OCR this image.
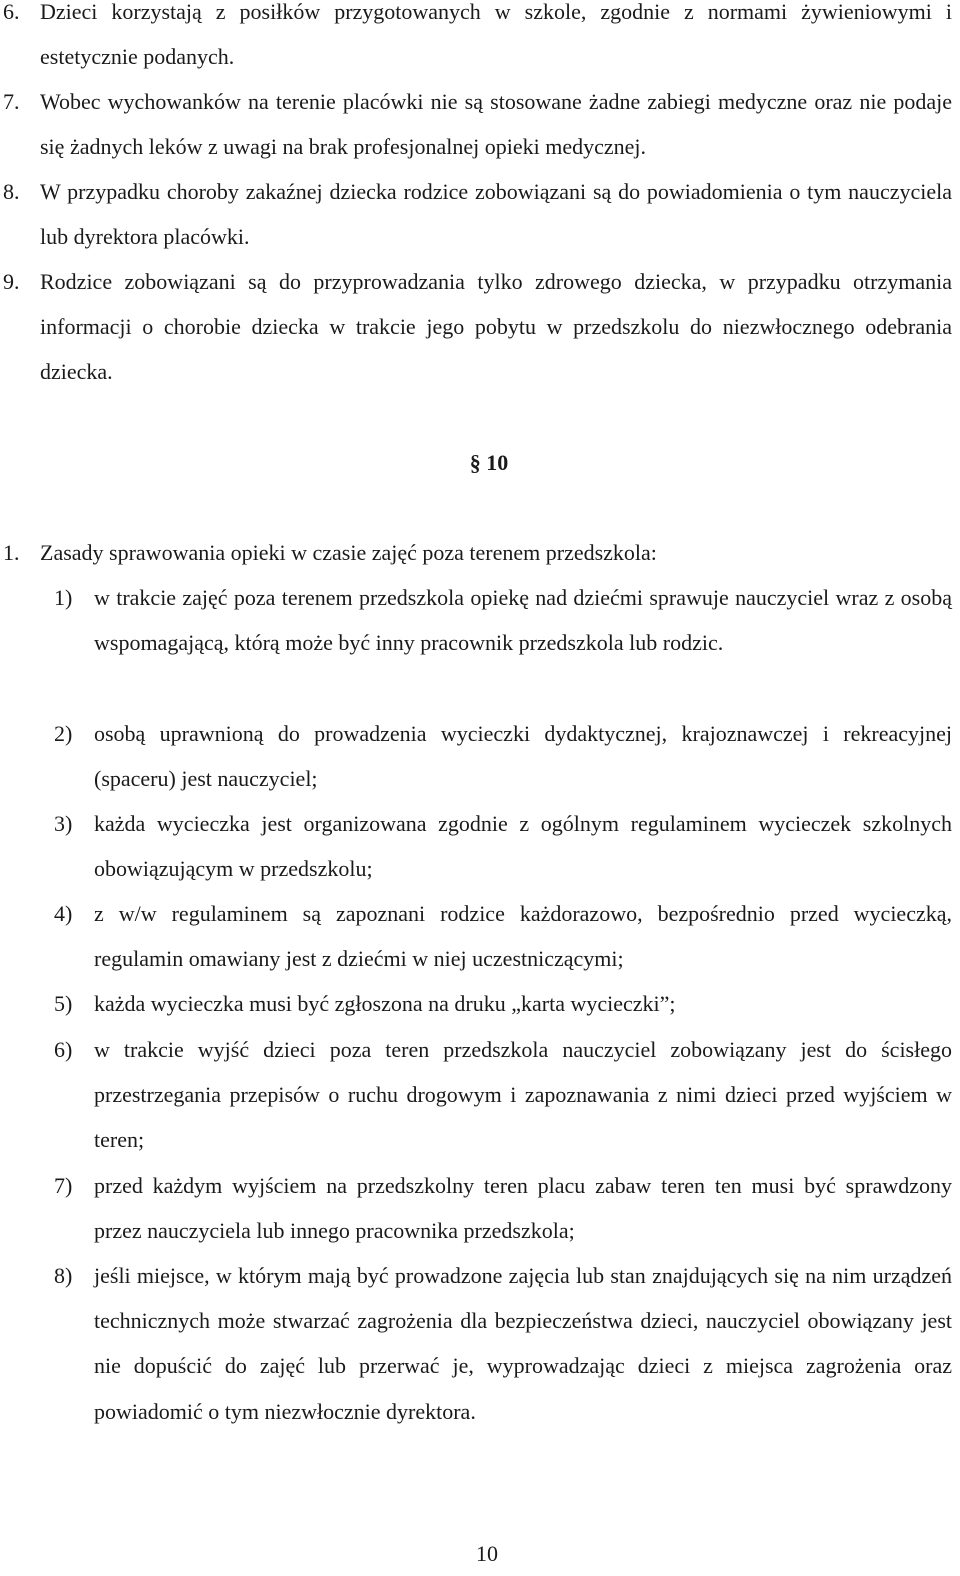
6. Dzieci korzystają z posiłków przygotowanych w szkole, zgodnie z normami żywieniowymi i estetycznie podanych.
7. Wobec wychowanków na terenie placówki nie są stosowane żadne zabiegi medyczne oraz nie podaje się żadnych leków z uwagi na brak profesjonalnej opieki medycznej.
8. W przypadku choroby zakaźnej dziecka rodzice zobowiązani są do powiadomienia o tym nauczyciela lub dyrektora placówki.
9. Rodzice zobowiązani są do przyprowadzania tylko zdrowego dziecka, w przypadku otrzymania informacji o chorobie dziecka w trakcie jego pobytu w przedszkolu do niezwłocznego odebrania dziecka.
§ 10
1. Zasady sprawowania opieki w czasie zajęć poza terenem przedszkola:
1) w trakcie zajęć poza terenem przedszkola opiekę nad dziećmi sprawuje nauczyciel wraz z osobą wspomagającą, którą może być inny pracownik przedszkola lub rodzic.
2) osobą uprawnioną do prowadzenia wycieczki dydaktycznej, krajoznawczej i rekreacyjnej (spaceru) jest nauczyciel;
3) każda wycieczka jest organizowana zgodnie z ogólnym regulaminem wycieczek szkolnych obowiązującym w przedszkolu;
4) z w/w regulaminem są zapoznani rodzice każdorazowo, bezpośrednio przed wycieczką, regulamin omawiany jest z dziećmi w niej uczestniczącymi;
5) każda wycieczka musi być zgłoszona na druku „karta wycieczki”;
6) w trakcie wyjść dzieci poza teren przedszkola nauczyciel zobowiązany jest do ścisłego przestrzegania przepisów o ruchu drogowym i zapoznawania z nimi dzieci przed wyjściem w teren;
7) przed każdym wyjściem na przedszkolny teren placu zabaw teren ten musi być sprawdzony przez nauczyciela lub innego pracownika przedszkola;
8) jeśli miejsce, w którym mają być prowadzone zajęcia lub stan znajdujących się na nim urządzeń technicznych może stwarzać zagrożenia dla bezpieczeństwa dzieci, nauczyciel obowiązany jest nie dopuścić do zajęć lub przerwać je, wyprowadzając dzieci z miejsca zagrożenia oraz powiadomić o tym niezwłocznie dyrektora.
10
